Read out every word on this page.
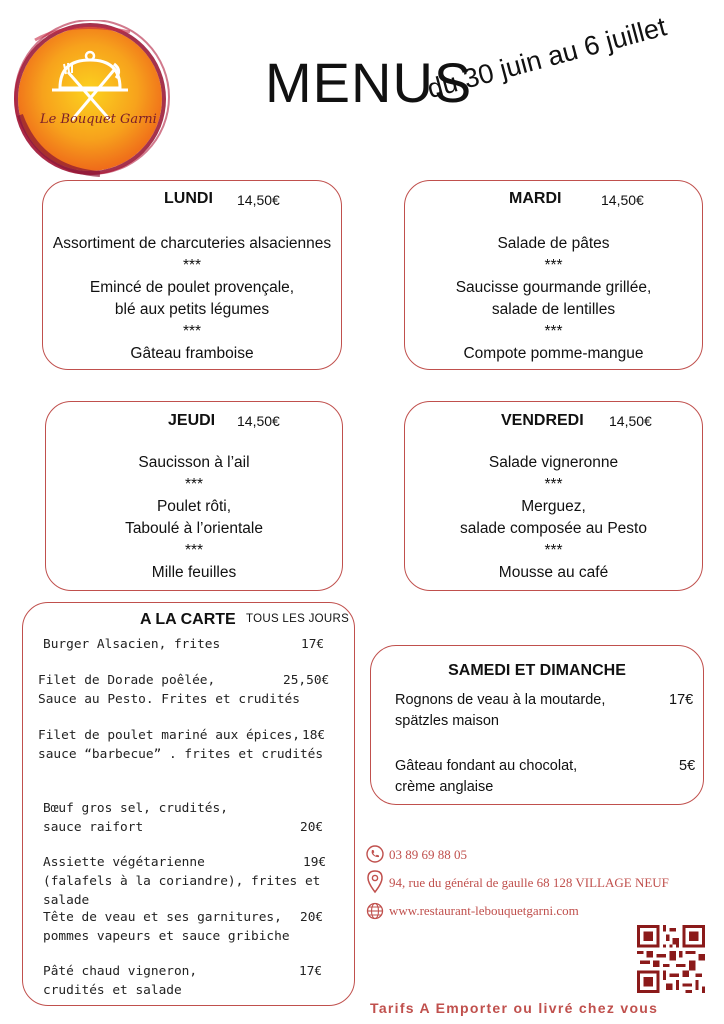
Le Bouquet Garni
MENUS
du 30 juin au 6 juillet
LUNDI 14,50€
Assortiment de charcuteries alsaciennes
***
Emincé de poulet provençale,
blé aux petits légumes
***
Gâteau framboise
MARDI	14,50€
Salade de pâtes
***
Saucisse gourmande grillée,
salade de lentilles
***
Compote pomme-mangue
JEUDI 14,50€
Saucisson à l’ail
***
Poulet rôti,
Taboulé à l’orientale
***
Mille feuilles
VENDREDI 14,50€
Salade vigneronne
***
Merguez,
salade composée au Pesto
***
Mousse au café
A LA CARTE TOUS LES JOURS
Burger Alsacien, frites	17€
Filet de Dorade poêlée,
Sauce au Pesto. Frites et crudités
25,50€
Filet de poulet mariné aux épices,
sauce “barbecue” . frites et crudités
18€
Bœuf gros sel, crudités,
sauce raifort	20€
Assiette végétarienne
(falafels à la coriandre), frites et salade
19€
Tête de veau et ses garnitures,
pommes vapeurs et sauce gribiche
20€
Pâté chaud vigneron,
crudités et salade
17€
SAMEDI ET DIMANCHE
Rognons de veau à la moutarde,
spätzles maison
17€
Gâteau fondant au chocolat,
crème anglaise
5€
03 89 69 88 05
94, rue du général de gaulle 68 128 VILLAGE NEUF
www.restaurant-lebouquetgarni.com
Tarifs A Emporter ou livré chez vous
